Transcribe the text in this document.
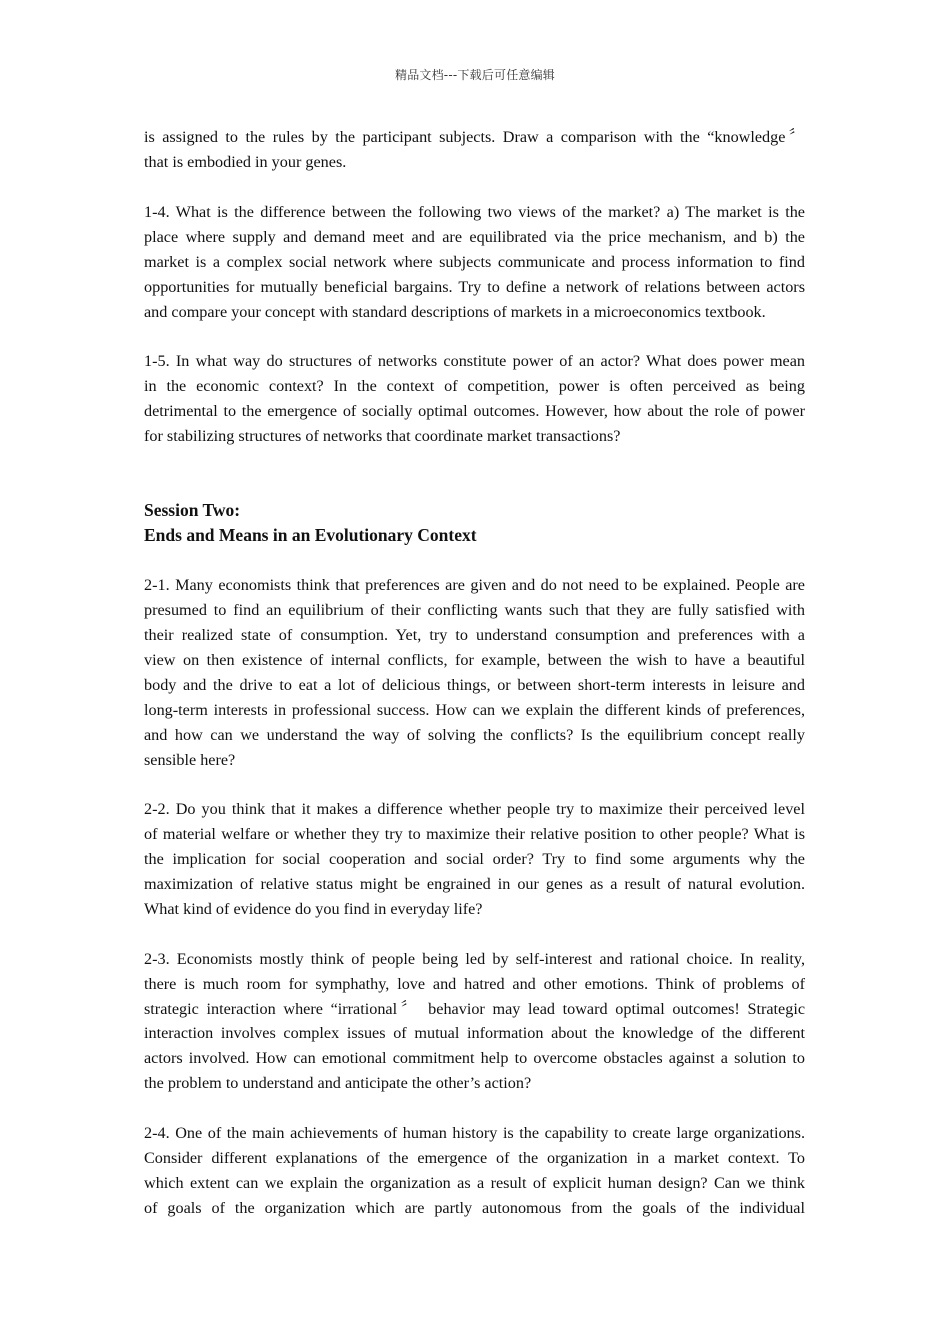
精品文档---下载后可任意编辑
is assigned to the rules by the participant subjects. Draw a comparison with the “knowledge〞
that is embodied in your genes.
1-4. What is the difference between the following two views of the market? a) The market is the
place where supply and demand meet and are equilibrated via the price mechanism, and b) the
market is a complex social network where subjects communicate and process information to find
opportunities for mutually beneficial bargains. Try to define a network of relations between actors
and compare your concept with standard descriptions of markets in a microeconomics textbook.
1-5. In what way do structures of networks constitute power of an actor? What does power mean
in the economic context? In the context of competition, power is often perceived as being
detrimental to the emergence of socially optimal outcomes. However, how about the role of power
for stabilizing structures of networks that coordinate market transactions?
Session Two:
Ends and Means in an Evolutionary Context
2-1. Many economists think that preferences are given and do not need to be explained. People are
presumed to find an equilibrium of their conflicting wants such that they are fully satisfied with
their realized state of consumption. Yet, try to understand consumption and preferences with a
view on then existence of internal conflicts, for example, between the wish to have a beautiful
body and the drive to eat a lot of delicious things, or between short-term interests in leisure and
long-term interests in professional success. How can we explain the different kinds of preferences,
and how can we understand the way of solving the conflicts? Is the equilibrium concept really
sensible here?
2-2. Do you think that it makes a difference whether people try to maximize their perceived level
of material welfare or whether they try to maximize their relative position to other people? What is
the implication for social cooperation and social order? Try to find some arguments why the
maximization of relative status might be engrained in our genes as a result of natural evolution.
What kind of evidence do you find in everyday life?
2-3. Economists mostly think of people being led by self-interest and rational choice. In reality,
there is much room for symphathy, love and hatred and other emotions. Think of problems of
strategic interaction where “irrational〞 behavior may lead toward optimal outcomes! Strategic
interaction involves complex issues of mutual information about the knowledge of the different
actors involved. How can emotional commitment help to overcome obstacles against a solution to
the problem to understand and anticipate the other’s action?
2-4. One of the main achievements of human history is the capability to create large organizations.
Consider different explanations of the emergence of the organization in a market context. To
which extent can we explain the organization as a result of explicit human design? Can we think
of goals of the organization which are partly autonomous from the goals of the individual
